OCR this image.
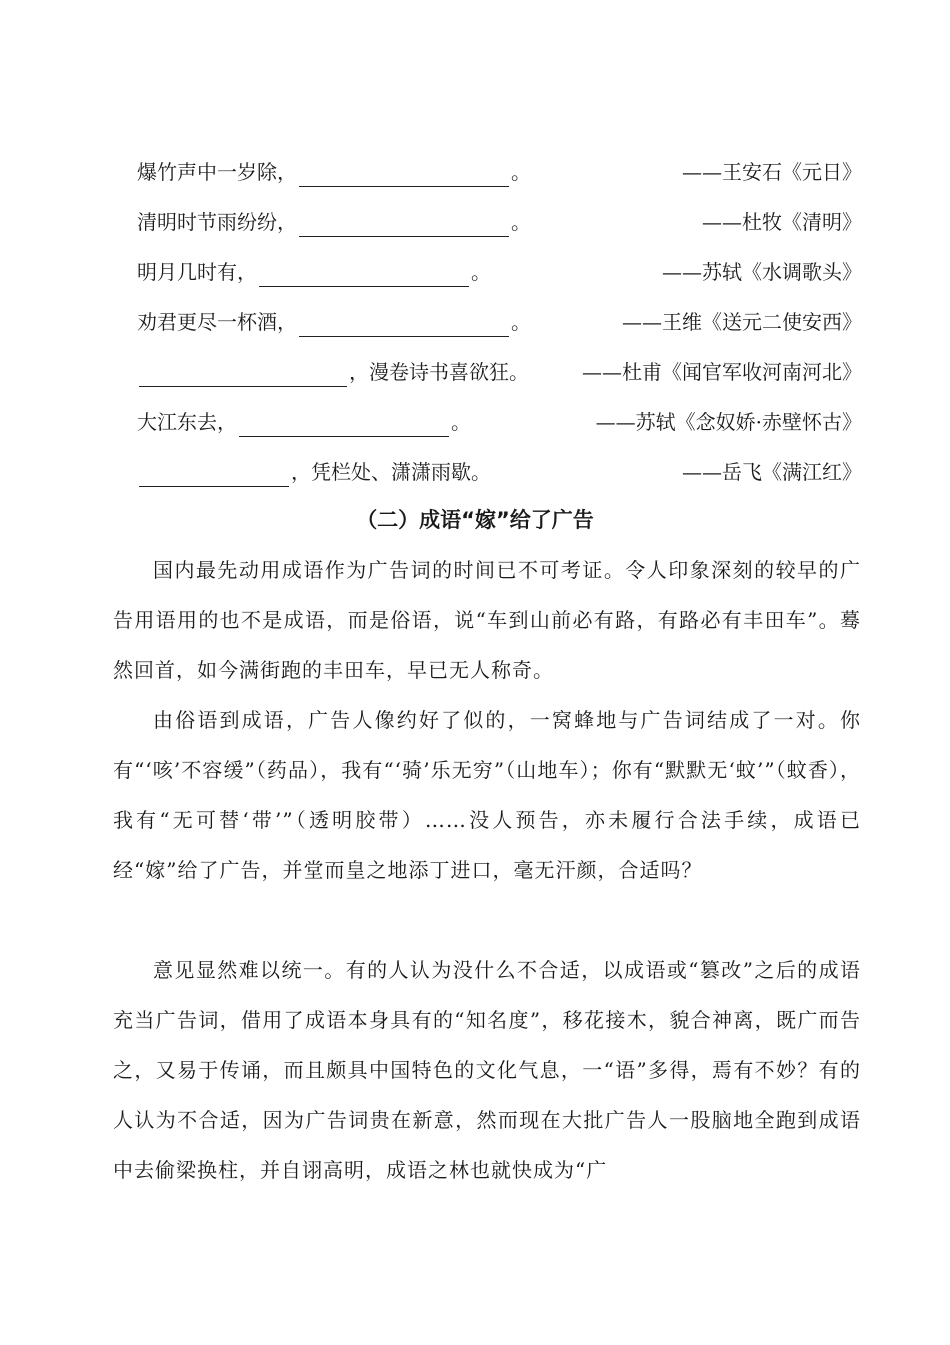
爆竹声中一岁除，	。	——王安石《元日》
清明时节雨纷纷，	。	——杜牧《清明》
明月几时有，	。	——苏轼《水调歌头》
劝君更尽一杯酒，	。	——王维《送元二使安西》
，漫卷诗书喜欲狂。	——杜甫《闻官军收河南河北》
大江东去，	。	——苏轼《念奴娇·赤壁怀古》
，凭栏处、潇潇雨歇。	——岳飞《满江红》
（二）成语“嫁”给了广告
国内最先动用成语作为广告词的时间已不可考证。令人印象深刻的较早的广告用语用的也不是成语，而是俗语，说“车到山前必有路，有路必有丰田车”。蓦然回首，如今满街跑的丰田车，早已无人称奇。
由俗语到成语，广告人像约好了似的，一窝蜂地与广告词结成了一对。你有“‘咳’不容缓”（药品），我有“‘骑’乐无穷”（山地车）；你有“默默无‘蚊’”（蚊香），我有“无可替‘带’”（透明胶带）……没人预告，亦未履行合法手续，成语已经“嫁”给了广告，并堂而皇之地添丁进口，毫无汗颜，合适吗？
意见显然难以统一。有的人认为没什么不合适，以成语或“篡改”之后的成语充当广告词，借用了成语本身具有的“知名度”，移花接木，貌合神离，既广而告之，又易于传诵，而且颇具中国特色的文化气息，一“语”多得，焉有不妙？有的人认为不合适，因为广告词贵在新意，然而现在大批广告人一股脑地全跑到成语中去偷梁换柱，并自诩高明，成语之林也就快成为“广
